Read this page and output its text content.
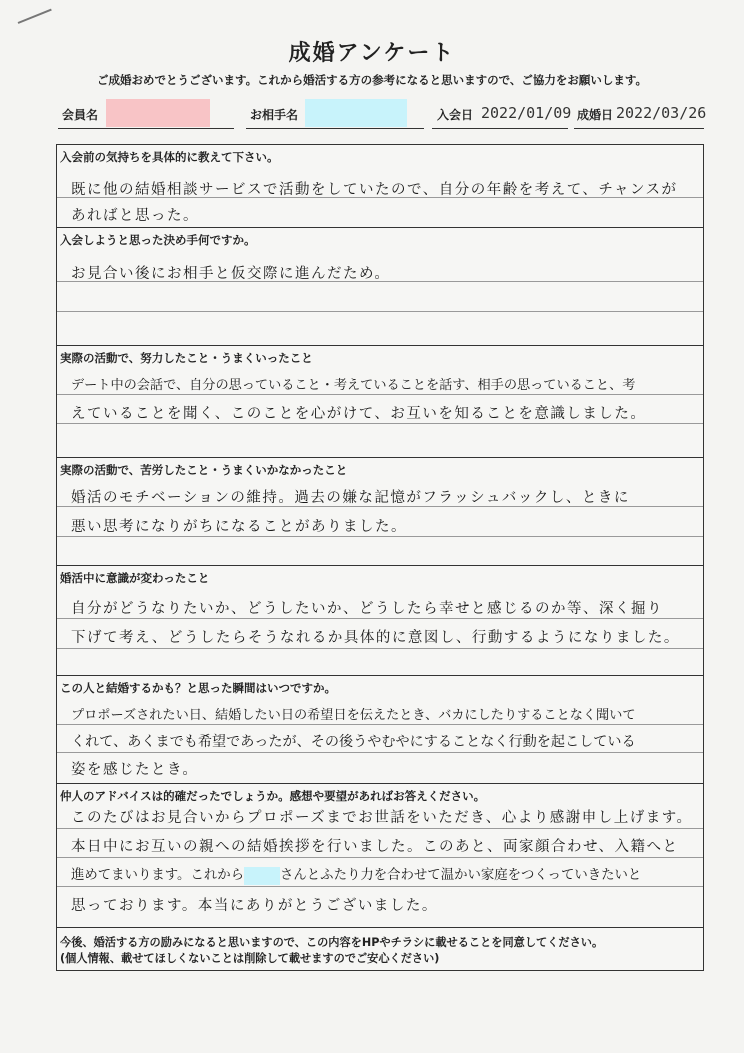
成婚アンケート
ご成婚おめでとうございます。これから婚活する方の参考になると思いますので、ご協力をお願いします。
会員名	お相手名	入会日 2022/01/09 成婚日 2022/03/26
入会前の気持ちを具体的に教えて下さい。
既に他の結婚相談サービスで活動をしていたので、自分の年齢を考えて、チャンスが
あればと思った。
入会しようと思った決め手何ですか。
お見合い後にお相手と仮交際に進んだため。
実際の活動で、努力したこと・うまくいったこと
デート中の会話で、自分の思っていること・考えていることを話す、相手の思っていること、考
えていることを聞く、このことを心がけて、お互いを知ることを意識しました。
実際の活動で、苦労したこと・うまくいかなかったこと
婚活のモチベーションの維持。過去の嫌な記憶がフラッシュバックし、ときに
悪い思考になりがちになることがありました。
婚活中に意識が変わったこと
自分がどうなりたいか、どうしたいか、どうしたら幸せと感じるのか等、深く掘り
下げて考え、どうしたらそうなれるか具体的に意図し、行動するようになりました。
この人と結婚するかも？と思った瞬間はいつですか。
プロポーズされたい日、結婚したい日の希望日を伝えたとき、バカにしたりすることなく聞いて
くれて、あくまでも希望であったが、その後うやむやにすることなく行動を起こしている
姿を感じたとき。
仲人のアドバイスは的確だったでしょうか。感想や要望があればお答えください。
このたびはお見合いからプロポーズまでお世話をいただき、心より感謝申し上げます。
本日中にお互いの親への結婚挨拶を行いました。このあと、両家顔合わせ、入籍へと
進めてまいります。これから	さんとふたり力を合わせて温かい家庭をつくっていきたいと
思っております。本当にありがとうございました。
今後、婚活する方の励みになると思いますので、この内容をHPやチラシに載せることを同意してください。
(個人情報、載せてほしくないことは削除して載せますのでご安心ください)
